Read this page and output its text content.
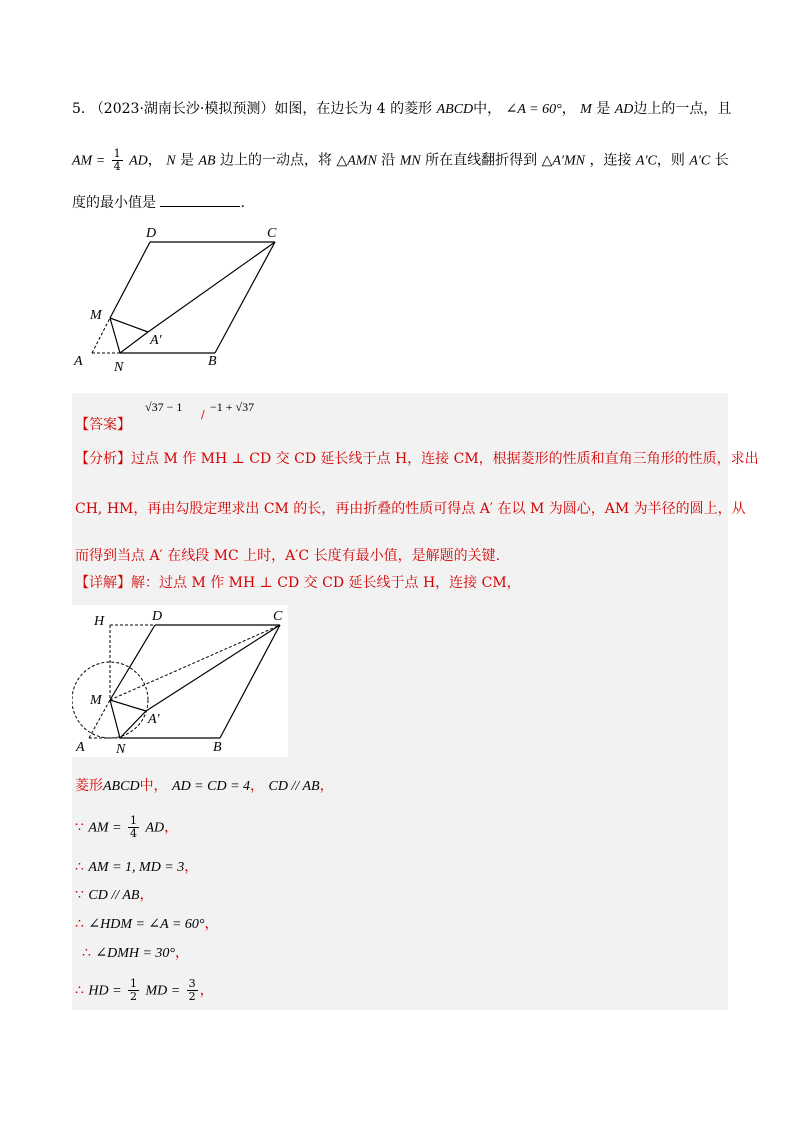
5. （2023·湖南长沙·模拟预测）如图，在边长为 4 的菱形 ABCD中， ∠A = 60°， M 是 AD边上的一点，且
AM = $\frac{1}{4}$ AD， N 是 AB 边上的一动点，将 △AMN 沿 MN 所在直线翻折得到 △A′MN ，连接 A′C，则 A′C 长
度的最小值是	.
D	C
M
A′
A N	B
【答案】
√37 − 1
/
−1 + √37
【分析】过点 M 作 MH ⊥ CD 交 CD 延长线于点 H，连接 CM，根据菱形的性质和直角三角形的性质，求出
CH, HM，再由勾股定理求出 CM 的长，再由折叠的性质可得点 A′ 在以 M 为圆心，AM 为半径的圆上，从
而得到当点 A′ 在线段 MC 上时，A′C 长度有最小值，是解题的关键.
【详解】解：过点 M 作 MH ⊥ CD 交 CD 延长线于点 H，连接 CM，
H	D	C
M
A′
A N	B
菱形ABCD中， AD = CD = 4， CD // AB，
∵ AM = $\frac{1}{4}$ AD，
∴ AM = 1, MD = 3，
∵ CD // AB，
∴ ∠HDM = ∠A = 60°，
∴ ∠DMH = 30°，
∴ HD = $\frac{1}{2}$ MD = $\frac{3}{2}$ ，
